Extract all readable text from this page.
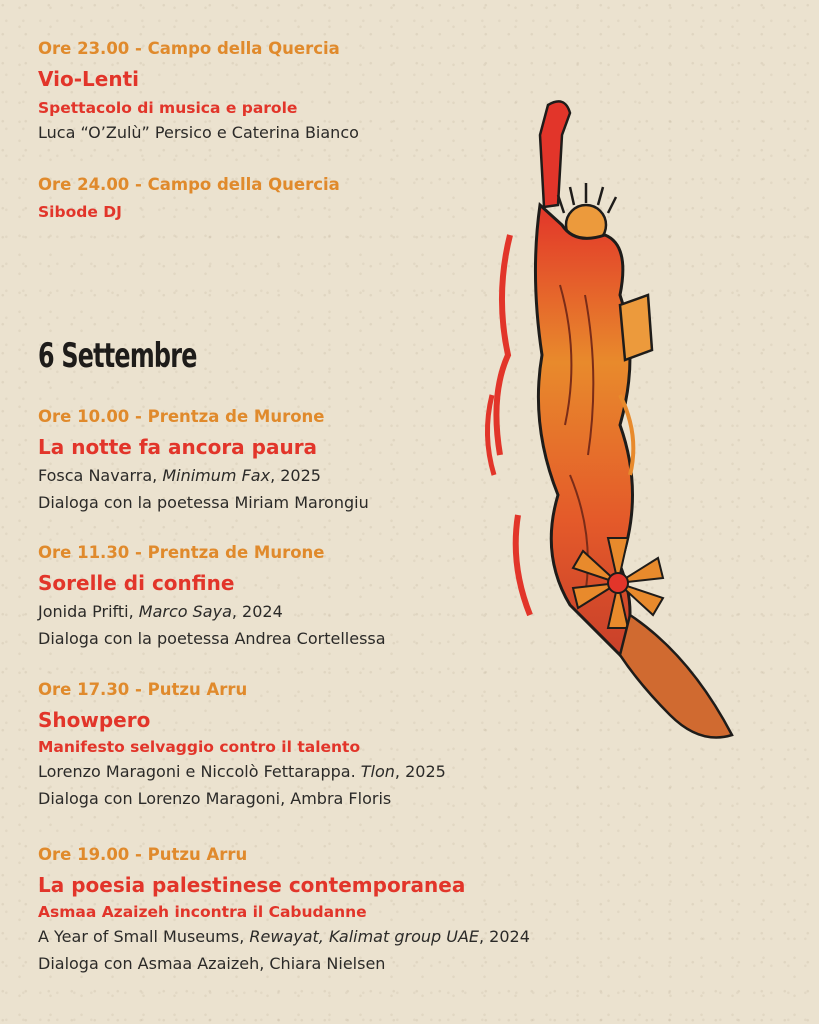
Ore 23.00 - Campo della Quercia
Vio-Lenti
Spettacolo di musica e parole
Luca “O’Zulù” Persico e Caterina Bianco
Ore 24.00 - Campo della Quercia
Sibode DJ
6 Settembre
Ore 10.00 - Prentza de Murone
La notte fa ancora paura
Fosca Navarra, Minimum Fax, 2025
Dialoga con la poetessa Miriam Marongiu
Ore 11.30 - Prentza de Murone
Sorelle di confine
Jonida Prifti, Marco Saya, 2024
Dialoga con la poetessa Andrea Cortellessa
Ore 17.30 - Putzu Arru
Showpero
Manifesto selvaggio contro il talento
Lorenzo Maragoni e Niccolò Fettarappa. Tlon, 2025
Dialoga con Lorenzo Maragoni, Ambra Floris
Ore 19.00 - Putzu Arru
La poesia palestinese contemporanea
Asmaa Azaizeh incontra il Cabudanne
A Year of Small Museums, Rewayat, Kalimat group UAE, 2024
Dialoga con Asmaa Azaizeh, Chiara Nielsen
